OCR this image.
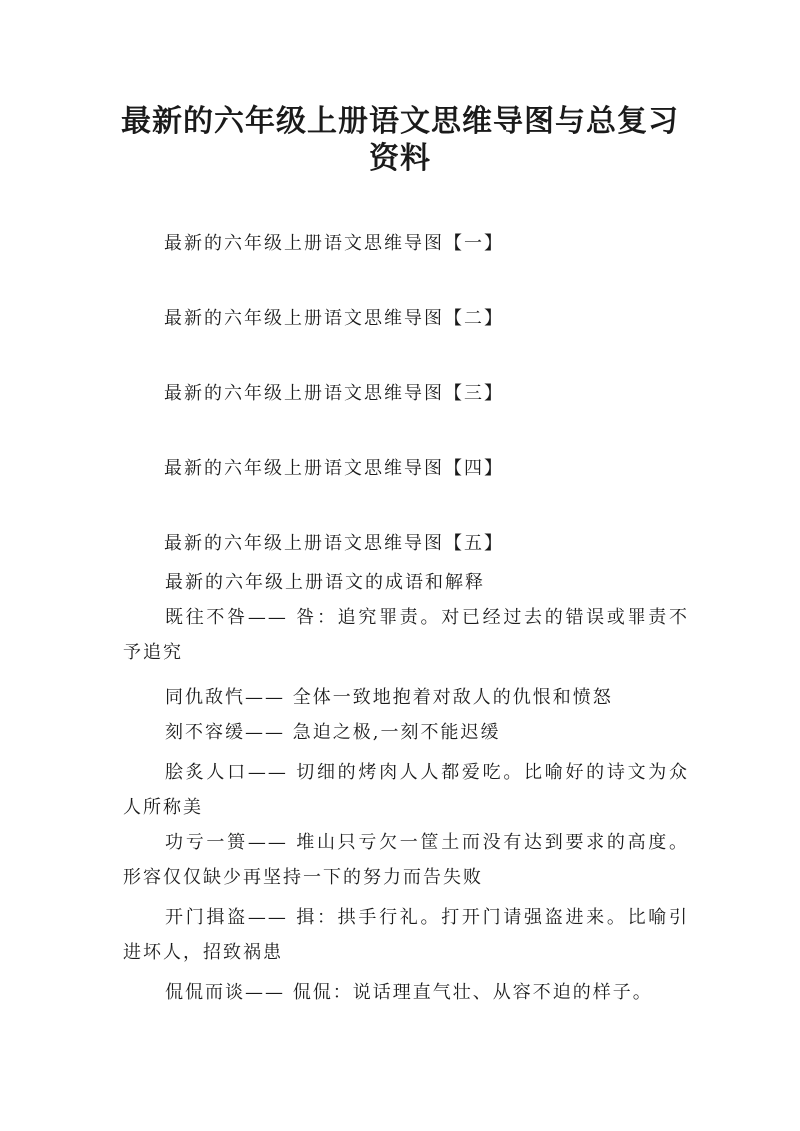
最新的六年级上册语文思维导图与总复习
资料
最新的六年级上册语文思维导图【一】
最新的六年级上册语文思维导图【二】
最新的六年级上册语文思维导图【三】
最新的六年级上册语文思维导图【四】
最新的六年级上册语文思维导图【五】
最新的六年级上册语文的成语和解释
既往不咎—— 咎：追究罪责。对已经过去的错误或罪责不予追究
同仇敌忾—— 全体一致地抱着对敌人的仇恨和愤怒
刻不容缓—— 急迫之极,一刻不能迟缓
脍炙人口—— 切细的烤肉人人都爱吃。比喻好的诗文为众人所称美
功亏一篑—— 堆山只亏欠一筐土而没有达到要求的高度。形容仅仅缺少再坚持一下的努力而告失败
开门揖盗—— 揖：拱手行礼。打开门请强盗进来。比喻引进坏人，招致祸患
侃侃而谈—— 侃侃：说话理直气壮、从容不迫的样子。
